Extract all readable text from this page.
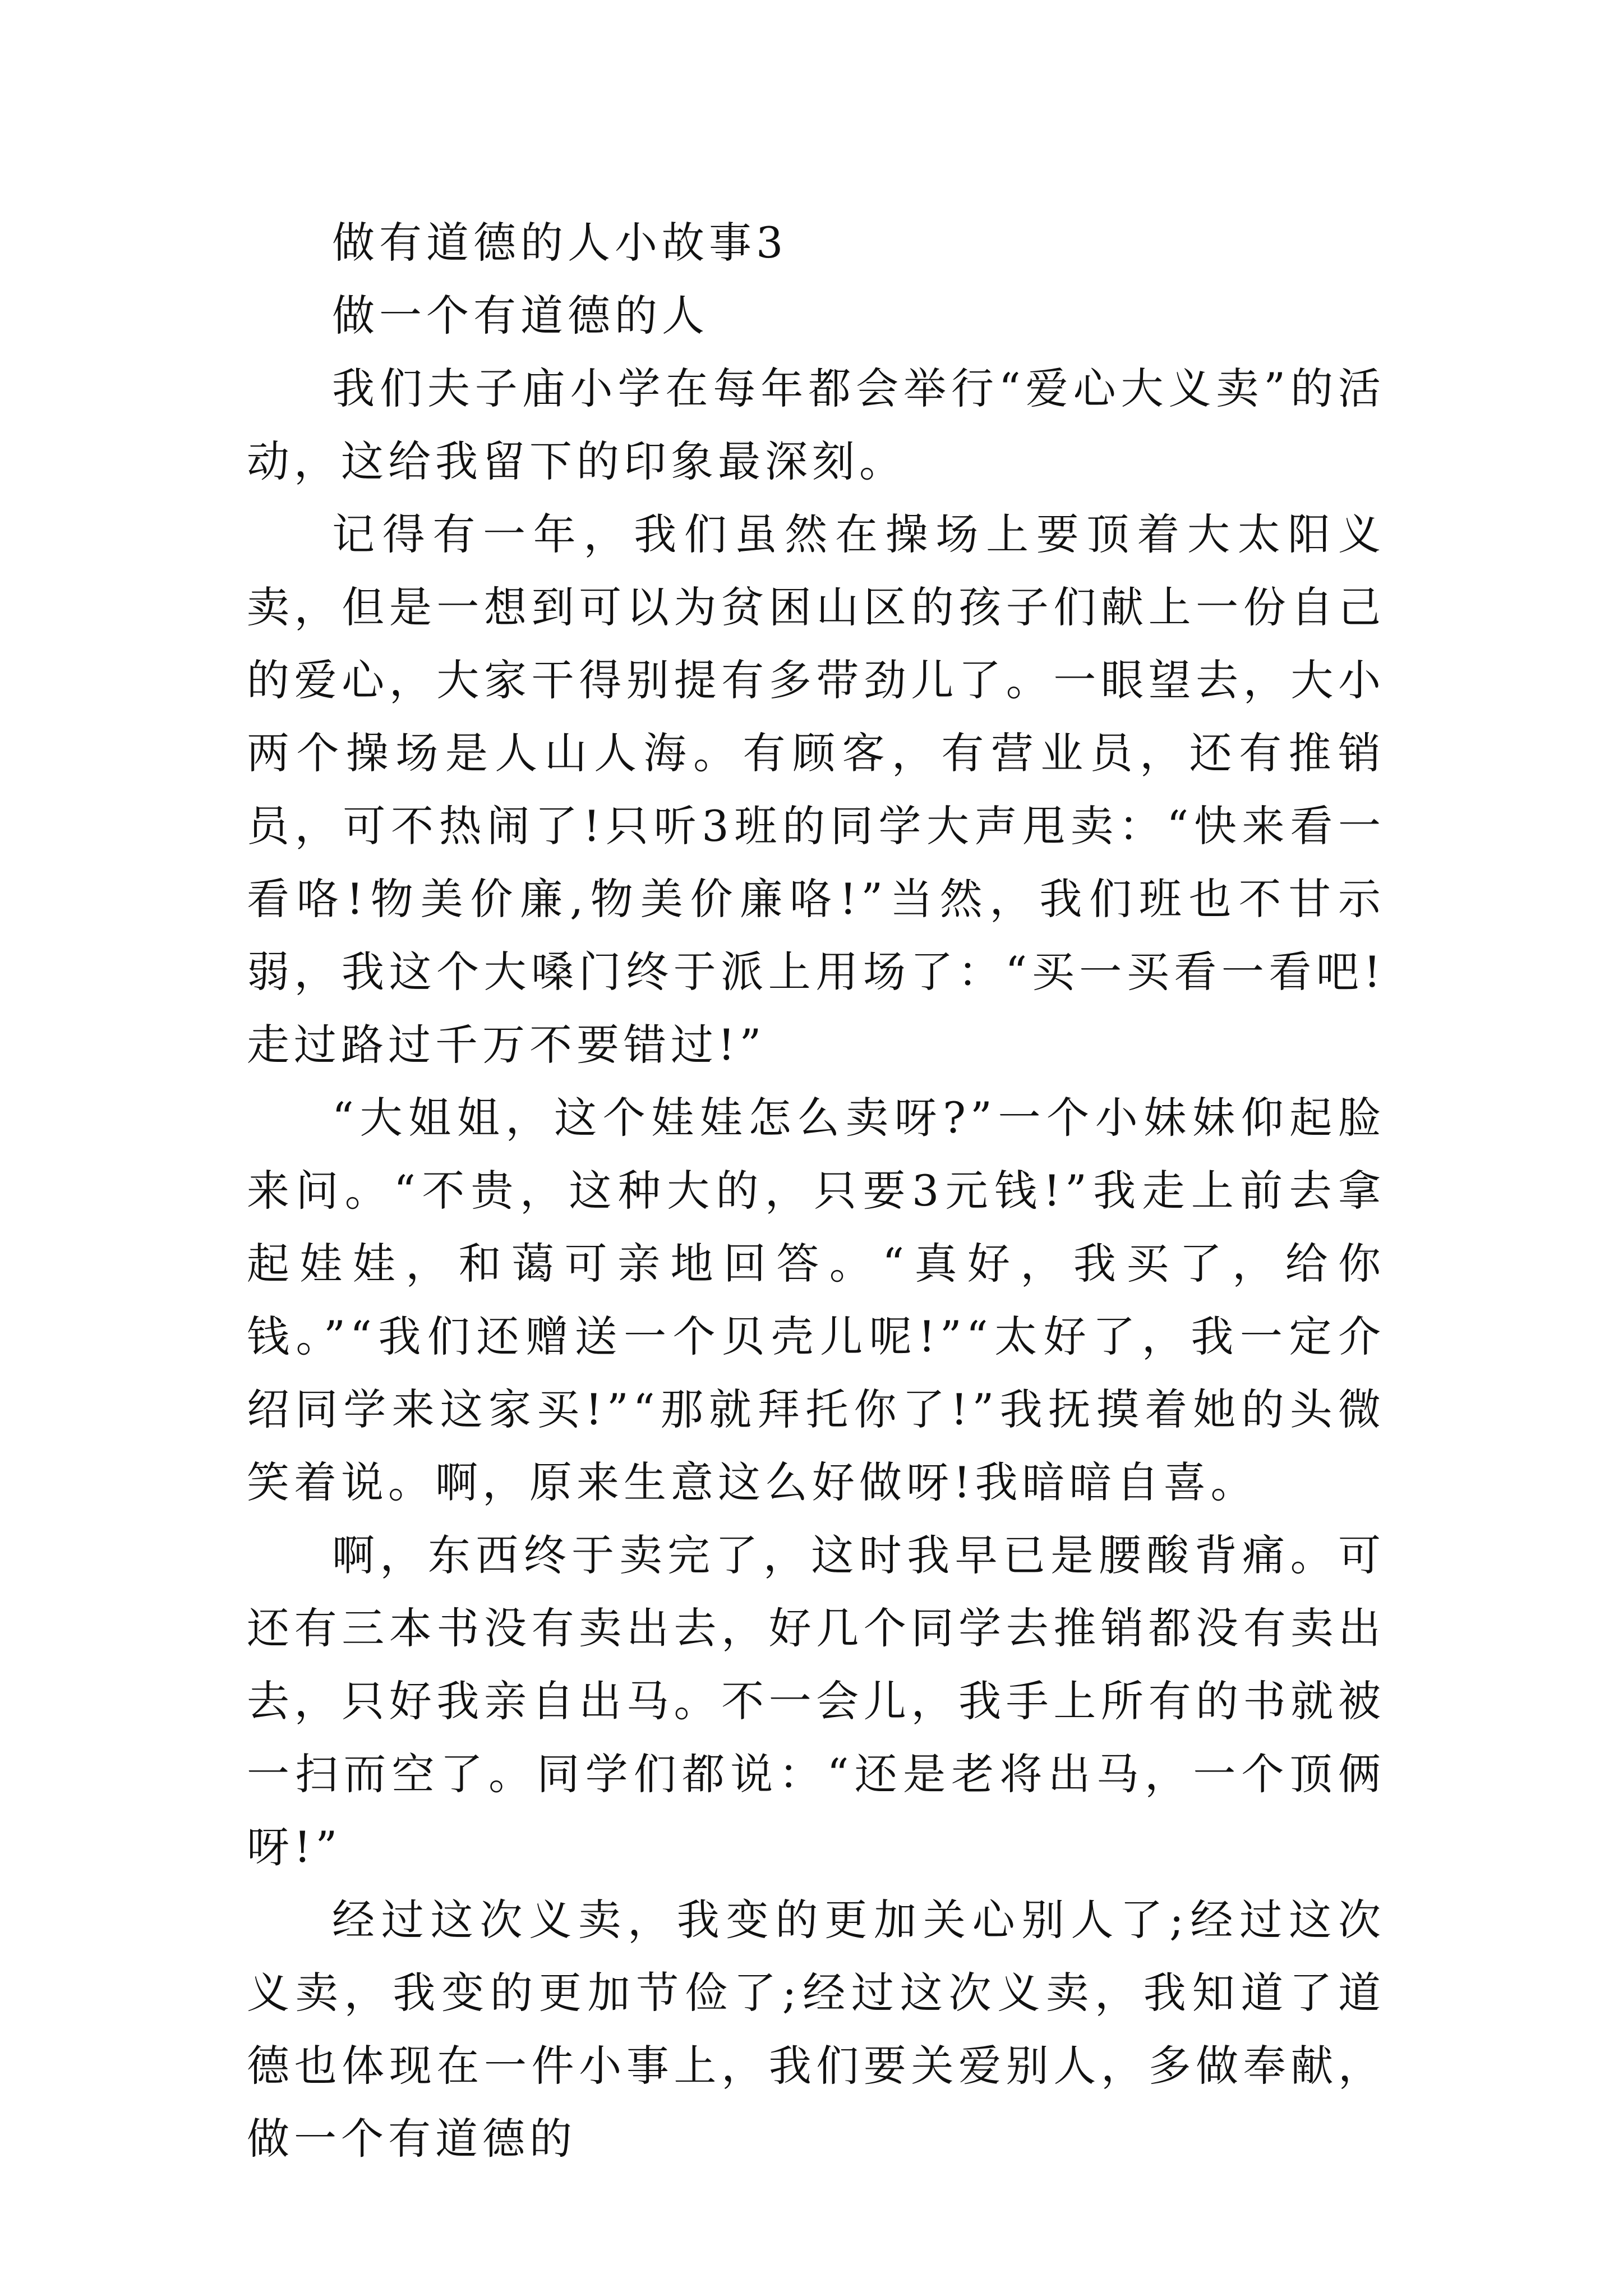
做有道德的人小故事3

做一个有道德的人

我们夫子庙小学在每年都会举行“爱心大义卖”的活动，这给我留下的印象最深刻。

记得有一年，我们虽然在操场上要顶着大太阳义卖，但是一想到可以为贫困山区的孩子们献上一份自己的爱心，大家干得别提有多带劲儿了。一眼望去，大小两个操场是人山人海。有顾客，有营业员，还有推销员，可不热闹了!只听3班的同学大声甩卖：“快来看一看咯!物美价廉,物美价廉咯!”当然，我们班也不甘示弱，我这个大嗓门终于派上用场了：“买一买看一看吧!走过路过千万不要错过!”

“大姐姐，这个娃娃怎么卖呀?”一个小妹妹仰起脸来问。“不贵，这种大的，只要3元钱!”我走上前去拿起娃娃，和蔼可亲地回答。“真好，我买了，给你钱。”“我们还赠送一个贝壳儿呢!”“太好了，我一定介绍同学来这家买!”“那就拜托你了!”我抚摸着她的头微笑着说。啊，原来生意这么好做呀!我暗暗自喜。

啊，东西终于卖完了，这时我早已是腰酸背痛。可还有三本书没有卖出去，好几个同学去推销都没有卖出去，只好我亲自出马。不一会儿，我手上所有的书就被一扫而空了。同学们都说：“还是老将出马，一个顶俩呀!”

经过这次义卖，我变的更加关心别人了;经过这次义卖，我变的更加节俭了;经过这次义卖，我知道了道德也体现在一件小事上，我们要关爱别人，多做奉献，做一个有道德的
